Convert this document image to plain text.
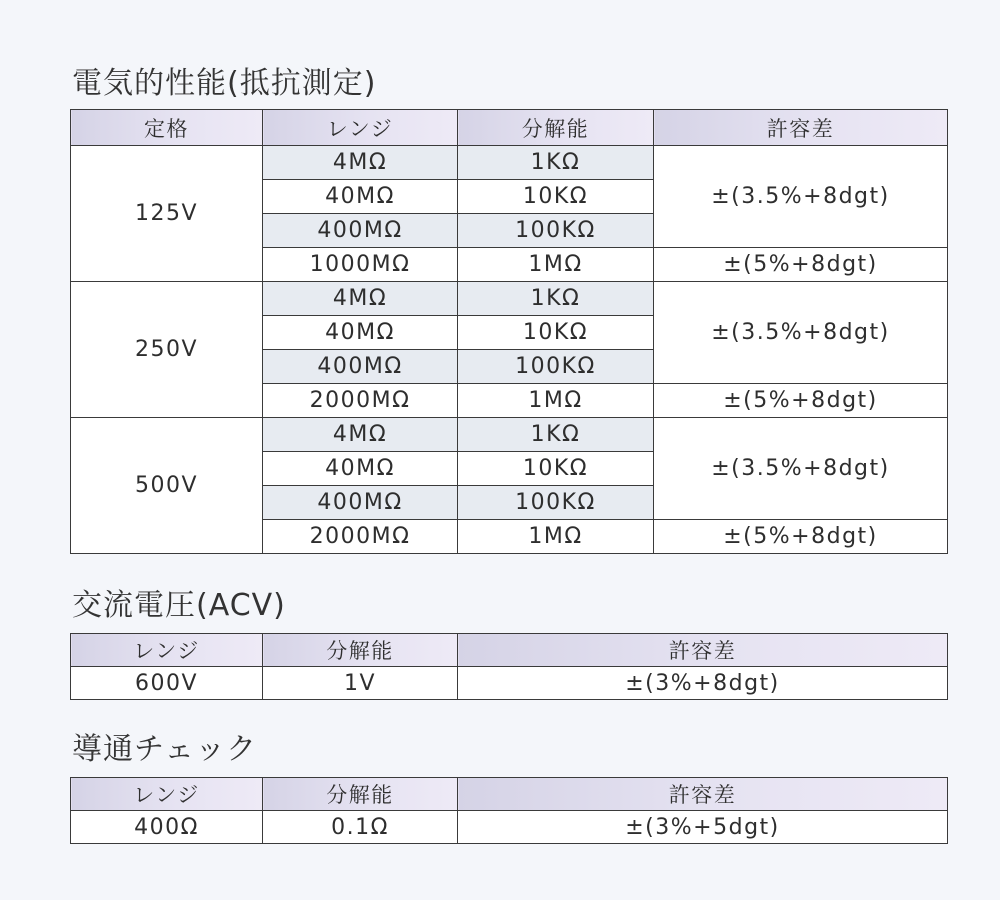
電気的性能(抵抗測定)
定格	レンジ	分解能	許容差
125V	4MΩ	1KΩ	±(3.5%+8dgt)
	40MΩ	10KΩ	
	400MΩ	100KΩ	
	1000MΩ	1MΩ	±(5%+8dgt)
250V	4MΩ	1KΩ	±(3.5%+8dgt)
	40MΩ	10KΩ	
	400MΩ	100KΩ	
	2000MΩ	1MΩ	±(5%+8dgt)
500V	4MΩ	1KΩ	±(3.5%+8dgt)
	40MΩ	10KΩ	
	400MΩ	100KΩ	
	2000MΩ	1MΩ	±(5%+8dgt)
交流電圧(ACV)
レンジ	分解能	許容差
600V	1V	±(3%+8dgt)
導通チェック
レンジ	分解能	許容差
400Ω	0.1Ω	±(3%+5dgt)
